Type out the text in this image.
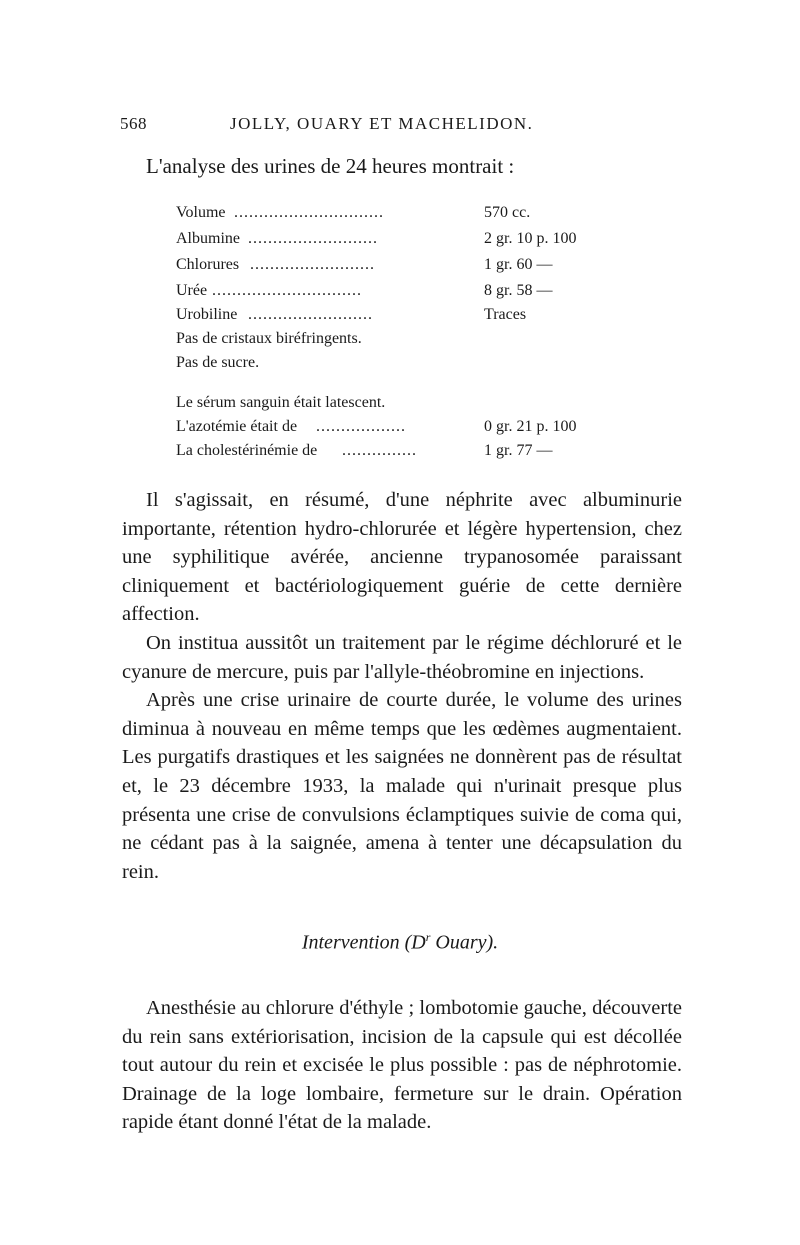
568	JOLLY, OUARY ET MACHELIDON.
L'analyse des urines de 24 heures montrait :
Volume ..............................	570 cc.
Albumine ..........................	2 gr. 10 p. 100
Chlorures .........................	1 gr. 60 —
Urée ..............................	8 gr. 58 —
Urobiline .........................	Traces
Pas de cristaux biréfringents.
Pas de sucre.
Le sérum sanguin était latescent.
L'azotémie était de ..................	0 gr. 21 p. 100
La cholestérinémie de ...............	1 gr. 77 —

Il s'agissait, en résumé, d'une néphrite avec albuminurie importante, rétention hydro-chlorurée et légère hypertension, chez une syphilitique avérée, ancienne trypanosomée paraissant cliniquement et bactériologiquement guérie de cette dernière affection.

On institua aussitôt un traitement par le régime déchloruré et le cyanure de mercure, puis par l'allyle-théobromine en injections.

Après une crise urinaire de courte durée, le volume des urines diminua à nouveau en même temps que les œdèmes augmentaient. Les purgatifs drastiques et les saignées ne donnèrent pas de résultat et, le 23 décembre 1933, la malade qui n'urinait presque plus présenta une crise de convulsions éclamptiques suivie de coma qui, ne cédant pas à la saignée, amena à tenter une décapsulation du rein.

Intervention ($D^r$ Ouary).

Anesthésie au chlorure d'éthyle ; lombotomie gauche, découverte du rein sans extériorisation, incision de la capsule qui est décollée tout autour du rein et excisée le plus possible : pas de néphrotomie. Drainage de la loge lombaire, fermeture sur le drain. Opération rapide étant donné l'état de la malade.
